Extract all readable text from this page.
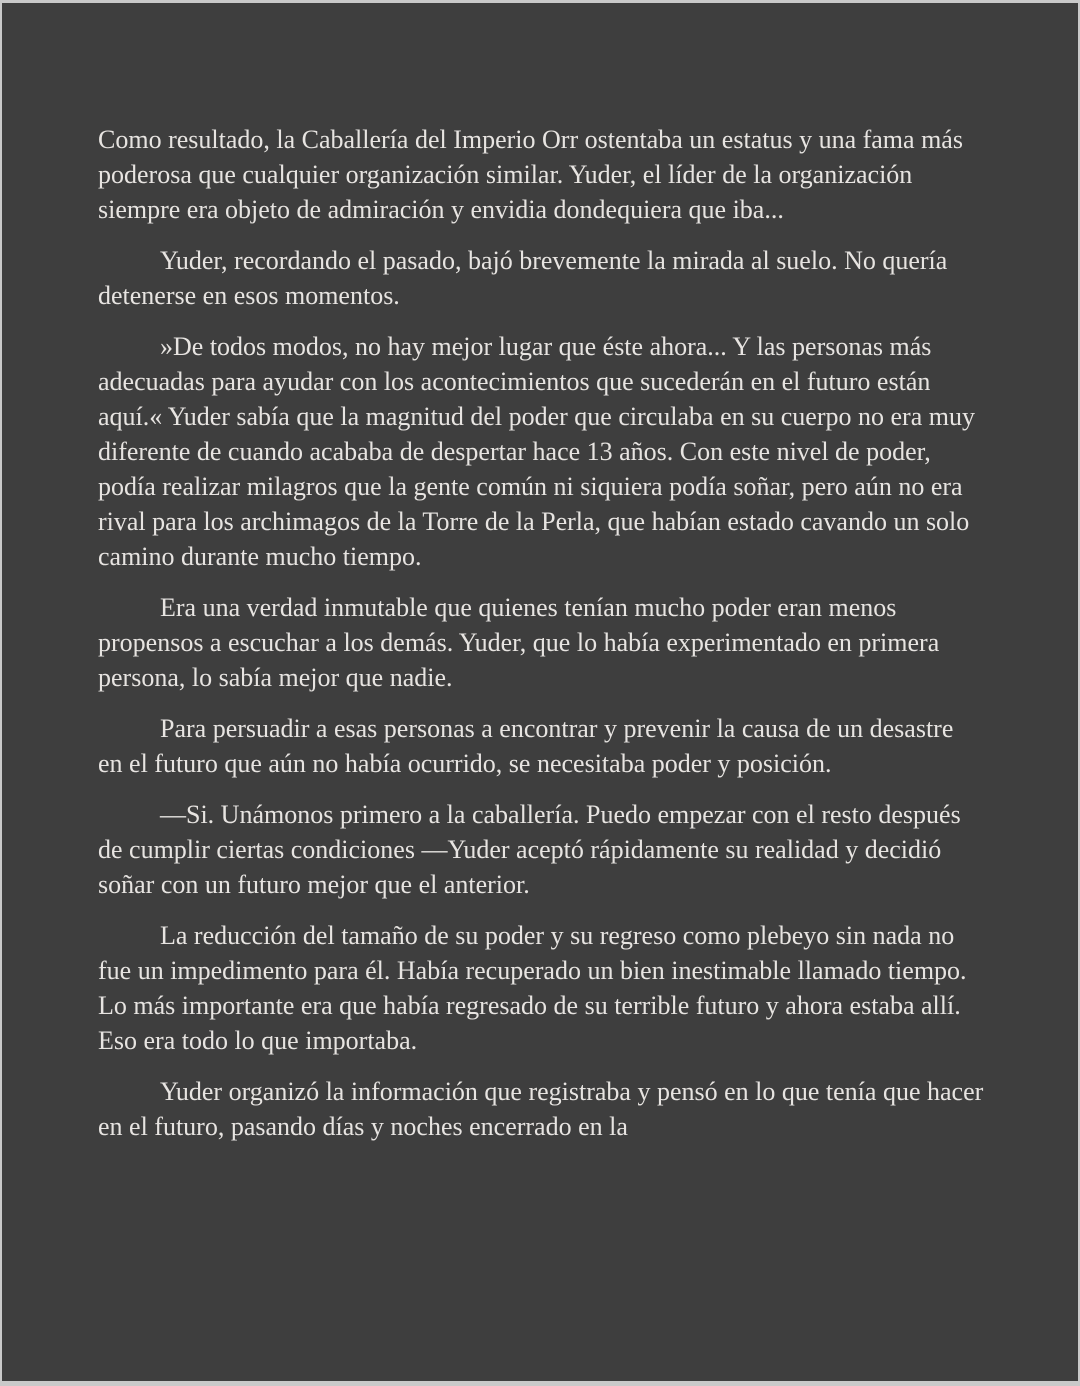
Como resultado, la Caballería del Imperio Orr ostentaba un estatus y una fama más poderosa que cualquier organización similar. Yuder, el líder de la organización siempre era objeto de admiración y envidia dondequiera que iba...

Yuder, recordando el pasado, bajó brevemente la mirada al suelo. No quería detenerse en esos momentos.

»De todos modos, no hay mejor lugar que éste ahora... Y las personas más adecuadas para ayudar con los acontecimientos que sucederán en el futuro están aquí.« Yuder sabía que la magnitud del poder que circulaba en su cuerpo no era muy diferente de cuando acababa de despertar hace 13 años. Con este nivel de poder, podía realizar milagros que la gente común ni siquiera podía soñar, pero aún no era rival para los archimagos de la Torre de la Perla, que habían estado cavando un solo camino durante mucho tiempo.

Era una verdad inmutable que quienes tenían mucho poder eran menos propensos a escuchar a los demás. Yuder, que lo había experimentado en primera persona, lo sabía mejor que nadie.

Para persuadir a esas personas a encontrar y prevenir la causa de un desastre en el futuro que aún no había ocurrido, se necesitaba poder y posición.

—Si. Unámonos primero a la caballería. Puedo empezar con el resto después de cumplir ciertas condiciones —Yuder aceptó rápidamente su realidad y decidió soñar con un futuro mejor que el anterior.

La reducción del tamaño de su poder y su regreso como plebeyo sin nada no fue un impedimento para él. Había recuperado un bien inestimable llamado tiempo. Lo más importante era que había regresado de su terrible futuro y ahora estaba allí. Eso era todo lo que importaba.

Yuder organizó la información que registraba y pensó en lo que tenía que hacer en el futuro, pasando días y noches encerrado en la
